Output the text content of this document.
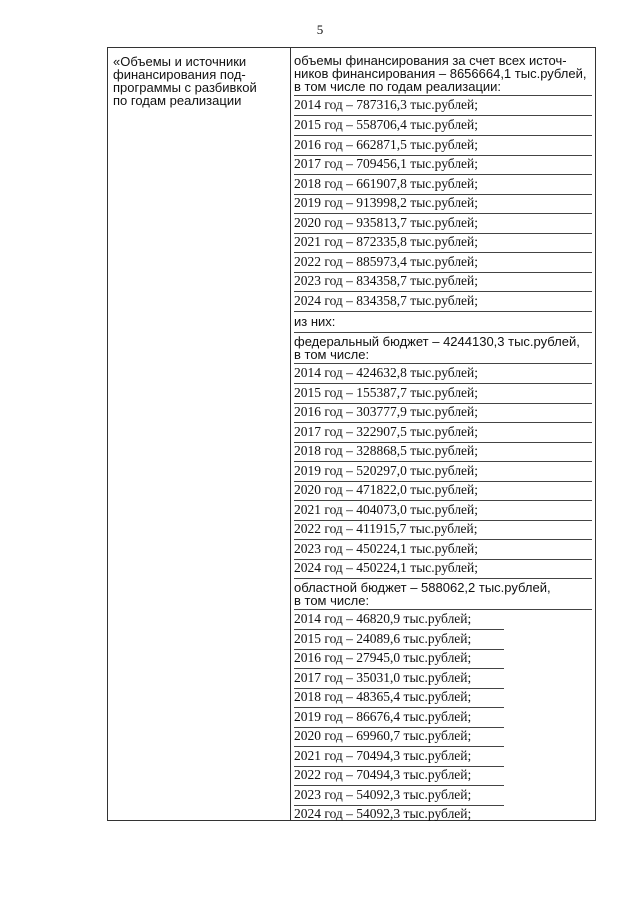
5
«Объемы и источники
финансирования под-
программы с разбивкой
по годам реализации
объемы финансирования за счет всех источ-
ников финансирования – 8656664,1 тыс.рублей,
в том числе по годам реализации:
2014 год – 787316,3 тыс.рублей;
2015 год – 558706,4 тыс.рублей;
2016 год – 662871,5 тыс.рублей;
2017 год – 709456,1 тыс.рублей;
2018 год – 661907,8 тыс.рублей;
2019 год – 913998,2 тыс.рублей;
2020 год – 935813,7 тыс.рублей;
2021 год – 872335,8 тыс.рублей;
2022 год – 885973,4 тыс.рублей;
2023 год – 834358,7 тыс.рублей;
2024 год – 834358,7 тыс.рублей;
из них:
федеральный бюджет – 4244130,3 тыс.рублей,
в том числе:
2014 год – 424632,8 тыс.рублей;
2015 год – 155387,7 тыс.рублей;
2016 год – 303777,9 тыс.рублей;
2017 год – 322907,5 тыс.рублей;
2018 год – 328868,5 тыс.рублей;
2019 год – 520297,0 тыс.рублей;
2020 год – 471822,0 тыс.рублей;
2021 год – 404073,0 тыс.рублей;
2022 год – 411915,7 тыс.рублей;
2023 год – 450224,1 тыс.рублей;
2024 год – 450224,1 тыс.рублей;
областной бюджет – 588062,2 тыс.рублей,
в том числе:
2014 год – 46820,9 тыс.рублей;
2015 год – 24089,6 тыс.рублей;
2016 год – 27945,0 тыс.рублей;
2017 год – 35031,0 тыс.рублей;
2018 год – 48365,4 тыс.рублей;
2019 год – 86676,4 тыс.рублей;
2020 год – 69960,7 тыс.рублей;
2021 год – 70494,3 тыс.рублей;
2022 год – 70494,3 тыс.рублей;
2023 год – 54092,3 тыс.рублей;
2024 год – 54092,3 тыс.рублей;
